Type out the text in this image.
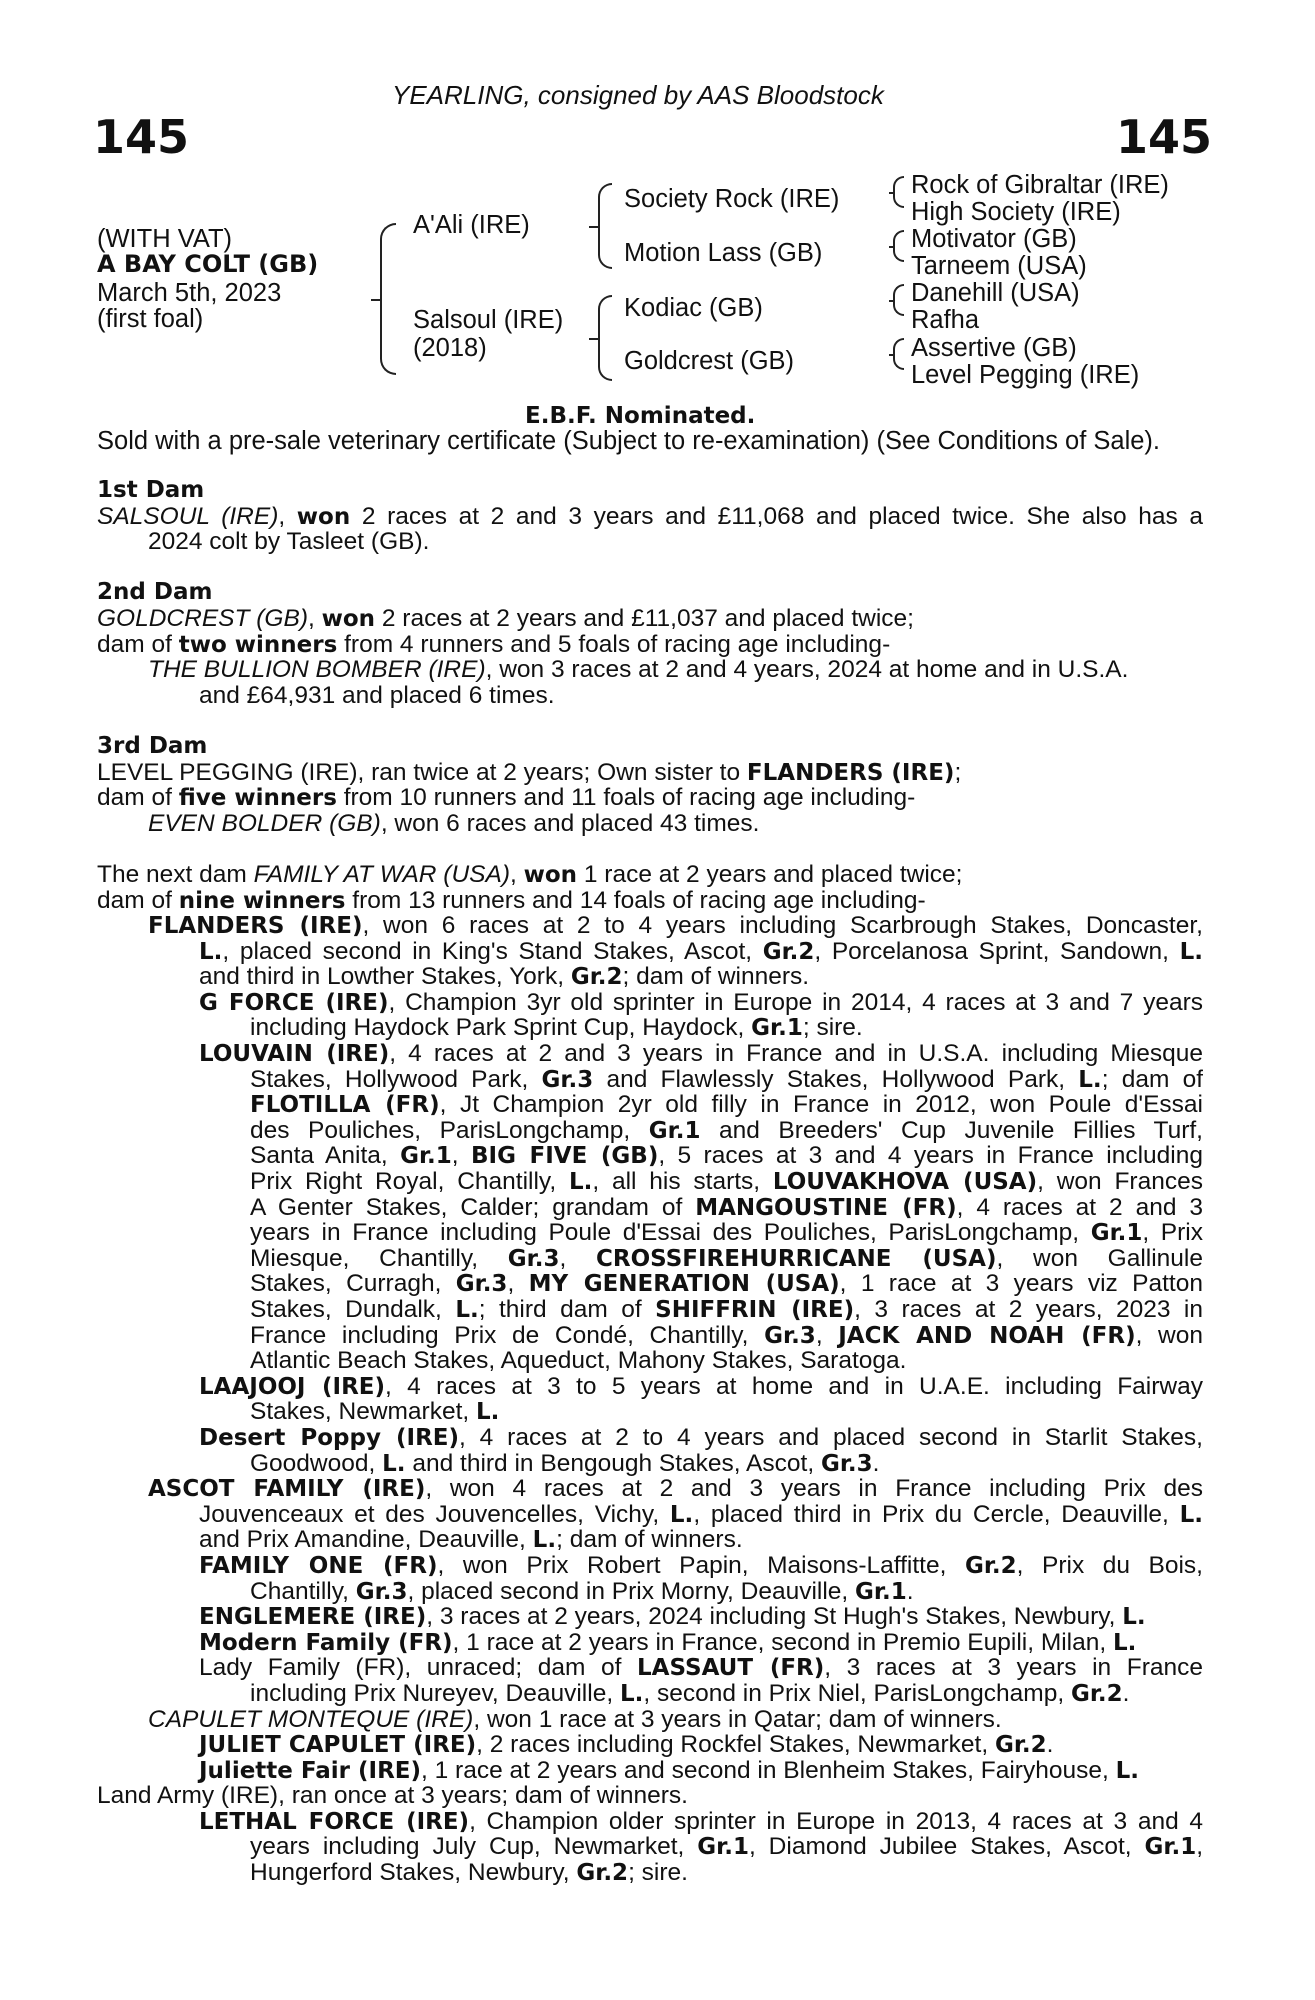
YEARLING, consigned by AAS Bloodstock
145	145
(WITH VAT)
A BAY COLT (GB)
March 5th, 2023
(first foal)
A'Ali (IRE)
Salsoul (IRE)
(2018)
Society Rock (IRE)
Motion Lass (GB)
Kodiac (GB)
Goldcrest (GB)
Rock of Gibraltar (IRE)
High Society (IRE)
Motivator (GB)
Tarneem (USA)
Danehill (USA)
Rafha
Assertive (GB)
Level Pegging (IRE)
E.B.F. Nominated.
Sold with a pre-sale veterinary certificate (Subject to re-examination) (See Conditions of Sale).
1st Dam
SALSOUL (IRE), won 2 races at 2 and 3 years and £11,068 and placed twice. She also has a
2024 colt by Tasleet (GB).
2nd Dam
GOLDCREST (GB), won 2 races at 2 years and £11,037 and placed twice;
dam of two winners from 4 runners and 5 foals of racing age including-
THE BULLION BOMBER (IRE), won 3 races at 2 and 4 years, 2024 at home and in U.S.A.
and £64,931 and placed 6 times.
3rd Dam
LEVEL PEGGING (IRE), ran twice at 2 years; Own sister to FLANDERS (IRE);
dam of five winners from 10 runners and 11 foals of racing age including-
EVEN BOLDER (GB), won 6 races and placed 43 times.
The next dam FAMILY AT WAR (USA), won 1 race at 2 years and placed twice;
dam of nine winners from 13 runners and 14 foals of racing age including-
FLANDERS (IRE), won 6 races at 2 to 4 years including Scarbrough Stakes, Doncaster,
L., placed second in King's Stand Stakes, Ascot, Gr.2, Porcelanosa Sprint, Sandown, L.
and third in Lowther Stakes, York, Gr.2; dam of winners.
G FORCE (IRE), Champion 3yr old sprinter in Europe in 2014, 4 races at 3 and 7 years
including Haydock Park Sprint Cup, Haydock, Gr.1; sire.
LOUVAIN (IRE), 4 races at 2 and 3 years in France and in U.S.A. including Miesque
Stakes, Hollywood Park, Gr.3 and Flawlessly Stakes, Hollywood Park, L.; dam of
FLOTILLA (FR), Jt Champion 2yr old filly in France in 2012, won Poule d'Essai
des Pouliches, ParisLongchamp, Gr.1 and Breeders' Cup Juvenile Fillies Turf,
Santa Anita, Gr.1, BIG FIVE (GB), 5 races at 3 and 4 years in France including
Prix Right Royal, Chantilly, L., all his starts, LOUVAKHOVA (USA), won Frances
A Genter Stakes, Calder; grandam of MANGOUSTINE (FR), 4 races at 2 and 3
years in France including Poule d'Essai des Pouliches, ParisLongchamp, Gr.1, Prix
Miesque, Chantilly, Gr.3, CROSSFIREHURRICANE (USA), won Gallinule
Stakes, Curragh, Gr.3, MY GENERATION (USA), 1 race at 3 years viz Patton
Stakes, Dundalk, L.; third dam of SHIFFRIN (IRE), 3 races at 2 years, 2023 in
France including Prix de Condé, Chantilly, Gr.3, JACK AND NOAH (FR), won
Atlantic Beach Stakes, Aqueduct, Mahony Stakes, Saratoga.
LAAJOOJ (IRE), 4 races at 3 to 5 years at home and in U.A.E. including Fairway
Stakes, Newmarket, L.
Desert Poppy (IRE), 4 races at 2 to 4 years and placed second in Starlit Stakes,
Goodwood, L. and third in Bengough Stakes, Ascot, Gr.3.
ASCOT FAMILY (IRE), won 4 races at 2 and 3 years in France including Prix des
Jouvenceaux et des Jouvencelles, Vichy, L., placed third in Prix du Cercle, Deauville, L.
and Prix Amandine, Deauville, L.; dam of winners.
FAMILY ONE (FR), won Prix Robert Papin, Maisons-Laffitte, Gr.2, Prix du Bois,
Chantilly, Gr.3, placed second in Prix Morny, Deauville, Gr.1.
ENGLEMERE (IRE), 3 races at 2 years, 2024 including St Hugh's Stakes, Newbury, L.
Modern Family (FR), 1 race at 2 years in France, second in Premio Eupili, Milan, L.
Lady Family (FR), unraced; dam of LASSAUT (FR), 3 races at 3 years in France
including Prix Nureyev, Deauville, L., second in Prix Niel, ParisLongchamp, Gr.2.
CAPULET MONTEQUE (IRE), won 1 race at 3 years in Qatar; dam of winners.
JULIET CAPULET (IRE), 2 races including Rockfel Stakes, Newmarket, Gr.2.
Juliette Fair (IRE), 1 race at 2 years and second in Blenheim Stakes, Fairyhouse, L.
Land Army (IRE), ran once at 3 years; dam of winners.
LETHAL FORCE (IRE), Champion older sprinter in Europe in 2013, 4 races at 3 and 4
years including July Cup, Newmarket, Gr.1, Diamond Jubilee Stakes, Ascot, Gr.1,
Hungerford Stakes, Newbury, Gr.2; sire.
